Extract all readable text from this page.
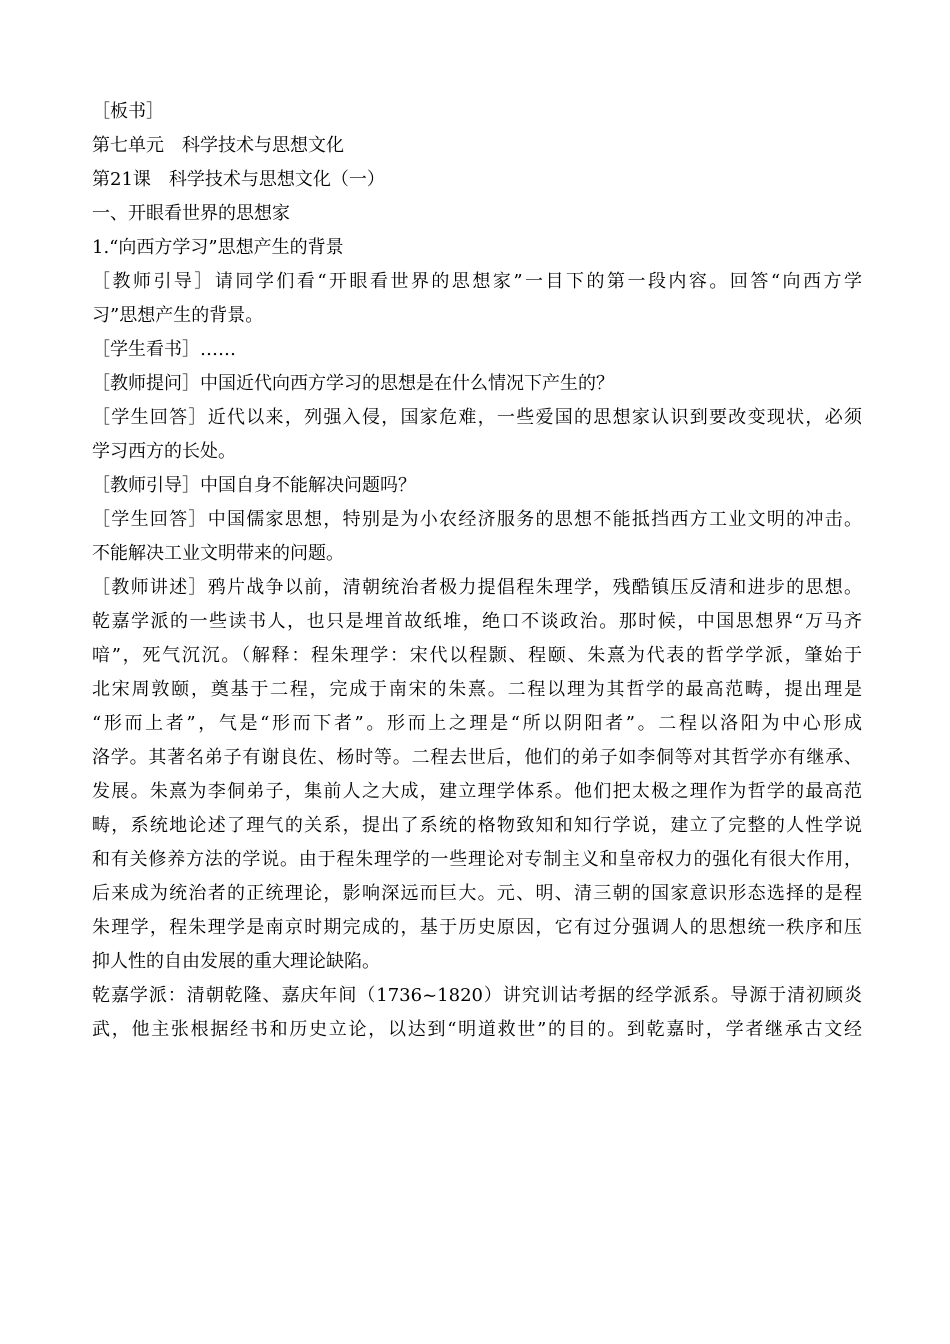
［板书］
第七单元　科学技术与思想文化
第21课　科学技术与思想文化（一）
一、开眼看世界的思想家
1.“向西方学习”思想产生的背景
［教师引导］请同学们看“开眼看世界的思想家”一目下的第一段内容。回答“向西方学
习”思想产生的背景。
［学生看书］……
［教师提问］中国近代向西方学习的思想是在什么情况下产生的？
［学生回答］近代以来，列强入侵，国家危难，一些爱国的思想家认识到要改变现状，必须
学习西方的长处。
［教师引导］中国自身不能解决问题吗？
［学生回答］中国儒家思想，特别是为小农经济服务的思想不能抵挡西方工业文明的冲击。
不能解决工业文明带来的问题。
［教师讲述］鸦片战争以前，清朝统治者极力提倡程朱理学，残酷镇压反清和进步的思想。
乾嘉学派的一些读书人，也只是埋首故纸堆，绝口不谈政治。那时候，中国思想界“万马齐
喑”，死气沉沉。（解释：程朱理学：宋代以程颢、程颐、朱熹为代表的哲学学派，肇始于
北宋周敦颐，奠基于二程，完成于南宋的朱熹。二程以理为其哲学的最高范畴，提出理是
“形而上者”，气是“形而下者”。形而上之理是“所以阴阳者”。二程以洛阳为中心形成
洛学。其著名弟子有谢良佐、杨时等。二程去世后，他们的弟子如李侗等对其哲学亦有继承、
发展。朱熹为李侗弟子，集前人之大成，建立理学体系。他们把太极之理作为哲学的最高范
畴，系统地论述了理气的关系，提出了系统的格物致知和知行学说，建立了完整的人性学说
和有关修养方法的学说。由于程朱理学的一些理论对专制主义和皇帝权力的强化有很大作用，
后来成为统治者的正统理论，影响深远而巨大。元、明、清三朝的国家意识形态选择的是程
朱理学，程朱理学是南京时期完成的，基于历史原因，它有过分强调人的思想统一秩序和压
抑人性的自由发展的重大理论缺陷。
乾嘉学派：清朝乾隆、嘉庆年间（1736~1820）讲究训诂考据的经学派系。导源于清初顾炎
武，他主张根据经书和历史立论，以达到“明道救世”的目的。到乾嘉时，学者继承古文经
